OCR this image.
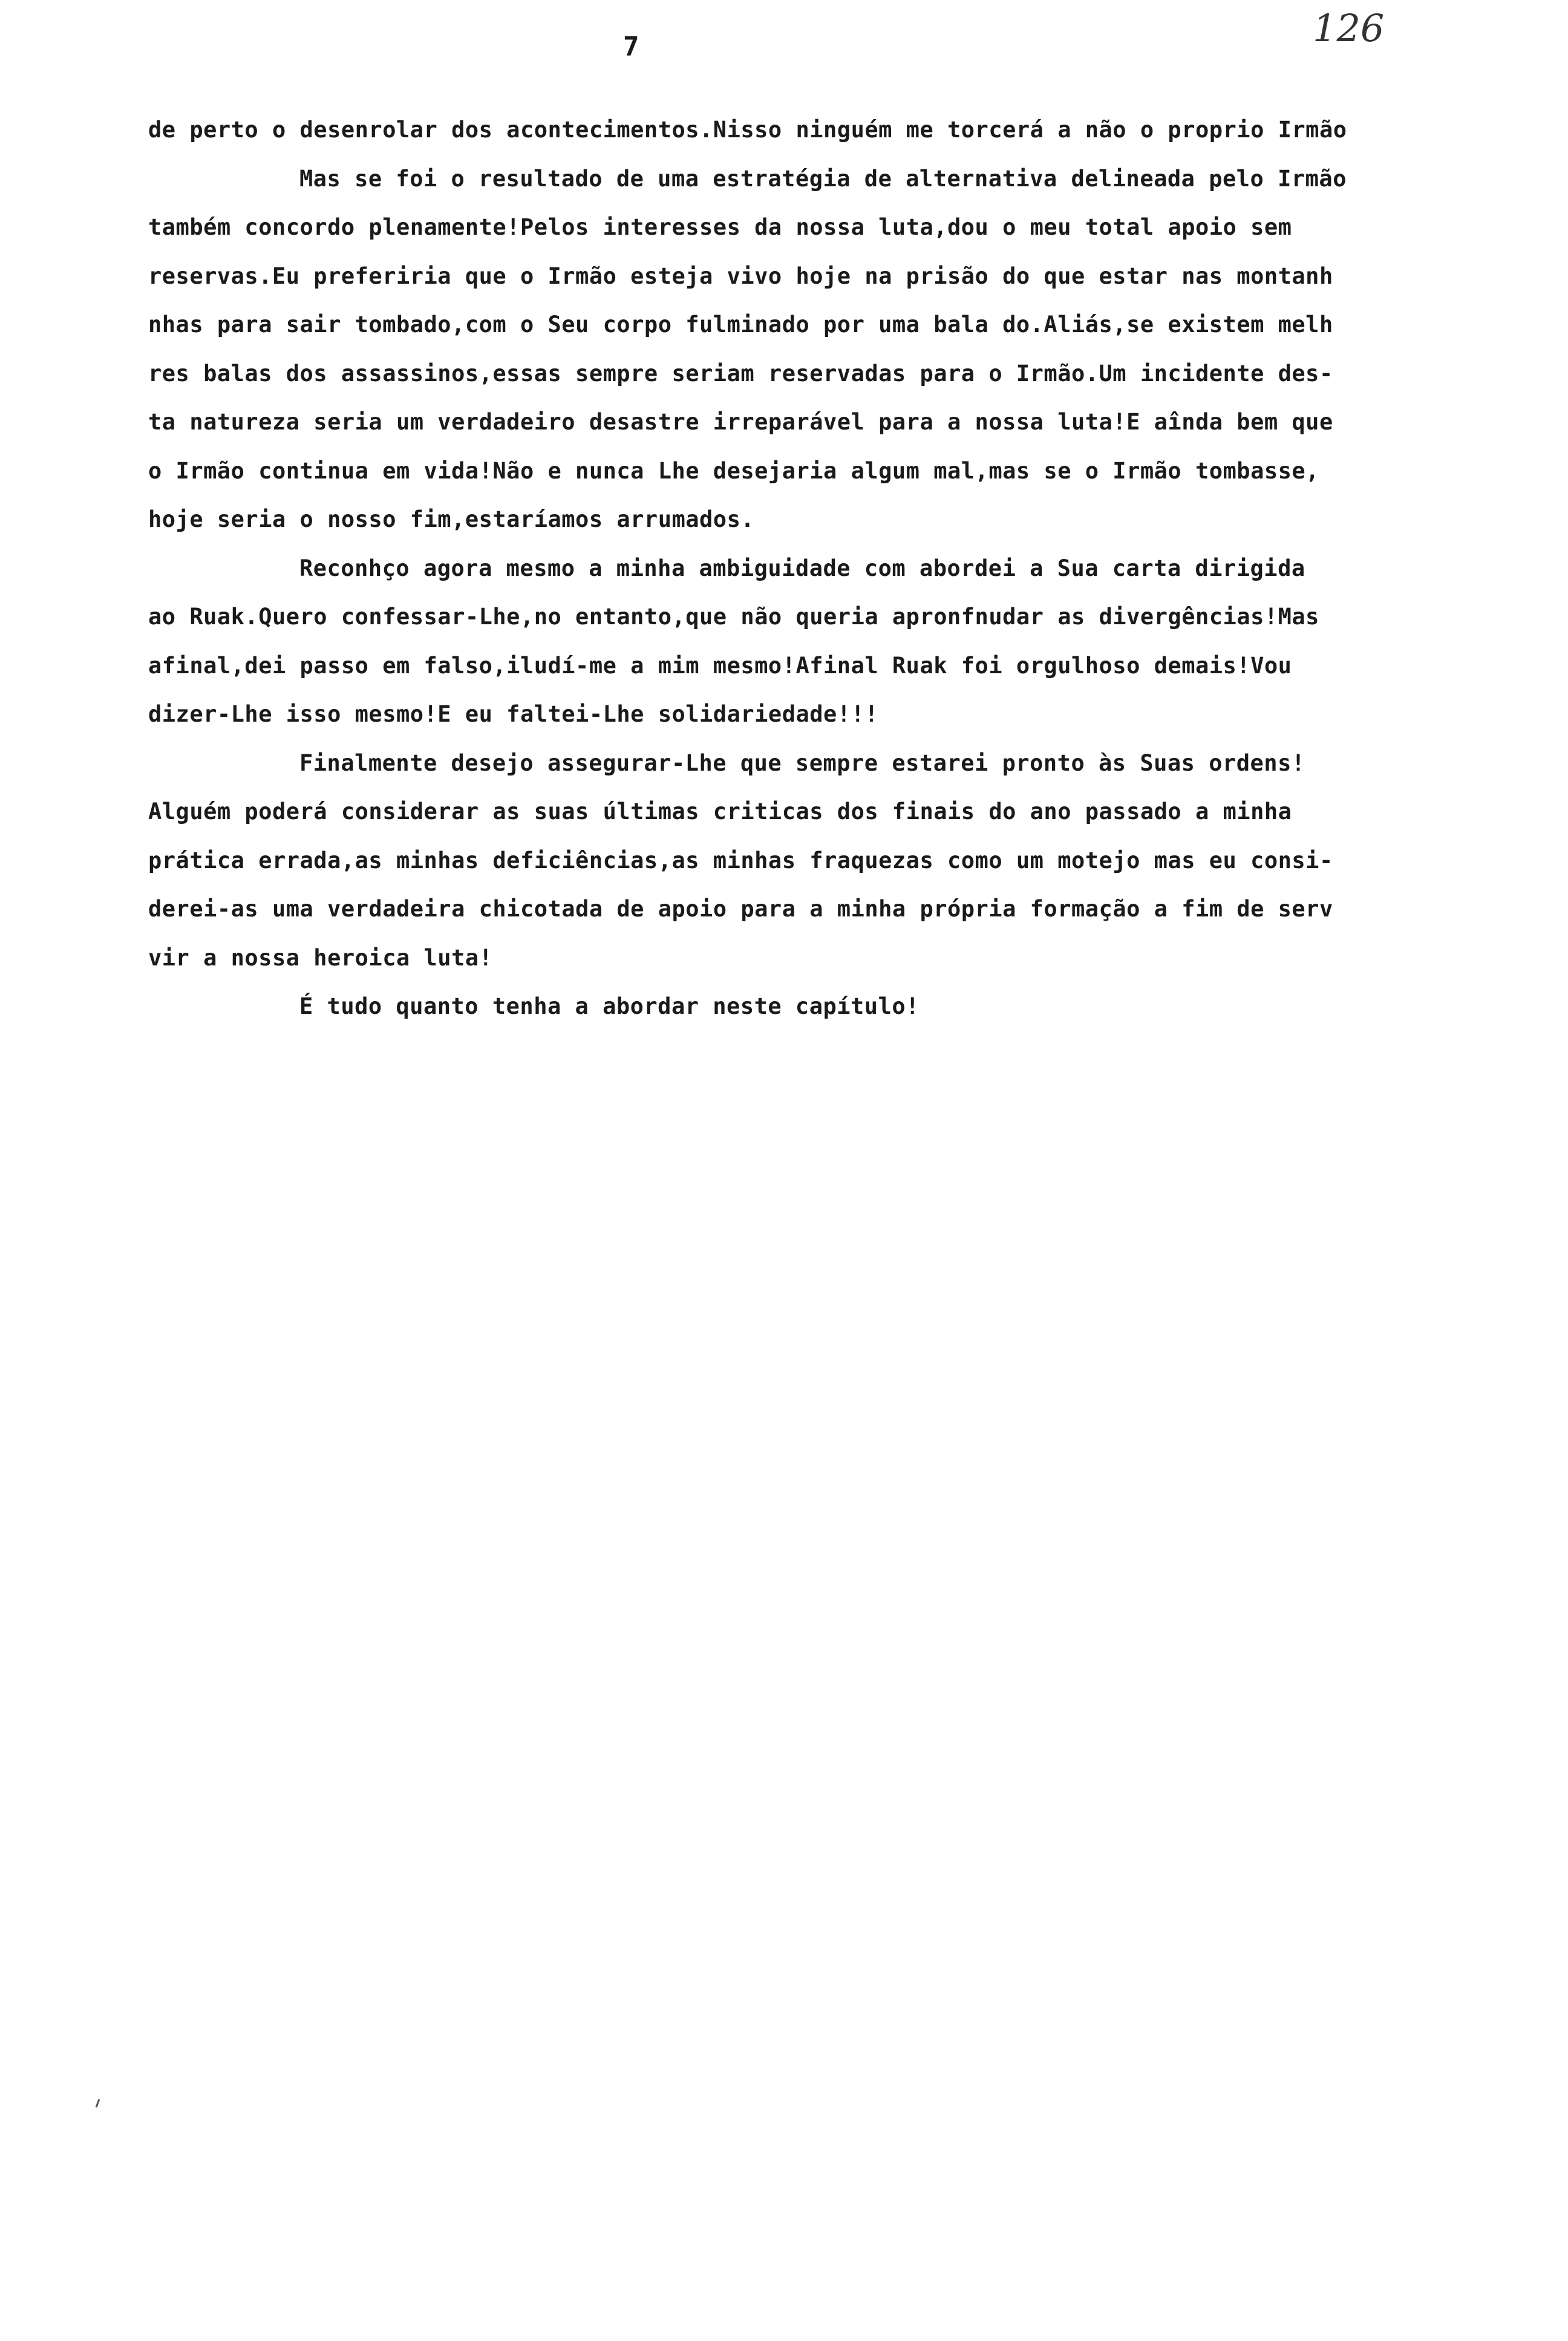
126
7
de perto o desenrolar dos acontecimentos.Nisso ninguém me torcerá a não o proprio Irmão
Mas se foi o resultado de uma estratégia de alternativa delineada pelo Irmão
também concordo plenamente!Pelos interesses da nossa luta,dou o meu total apoio sem
reservas.Eu preferiria que o Irmão esteja vivo hoje na prisão do que estar nas montanh
nhas para sair tombado,com o Seu corpo fulminado por uma bala do.Aliás,se existem melh
res balas dos assassinos,essas sempre seriam reservadas para o Irmão.Um incidente des-
ta natureza seria um verdadeiro desastre irreparável para a nossa luta!E aînda bem que
o Irmão continua em vida!Não e nunca Lhe desejaria algum mal,mas se o Irmão tombasse,
hoje seria o nosso fim,estaríamos arrumados.
Reconhço agora mesmo a minha ambiguidade com abordei a Sua carta dirigida
ao Ruak.Quero confessar-Lhe,no entanto,que não queria apronfnudar as divergências!Mas
afinal,dei passo em falso,iludí-me a mim mesmo!Afinal Ruak foi orgulhoso demais!Vou
dizer-Lhe isso mesmo!E eu faltei-Lhe solidariedade!!!
Finalmente desejo assegurar-Lhe que sempre estarei pronto às Suas ordens!
Alguém poderá considerar as suas últimas criticas dos finais do ano passado a minha
prática errada,as minhas deficiências,as minhas fraquezas como um motejo mas eu consi-
derei-as uma verdadeira chicotada de apoio para a minha própria formação a fim de serv
vir a nossa heroica luta!
É tudo quanto tenha a abordar neste capítulo!
